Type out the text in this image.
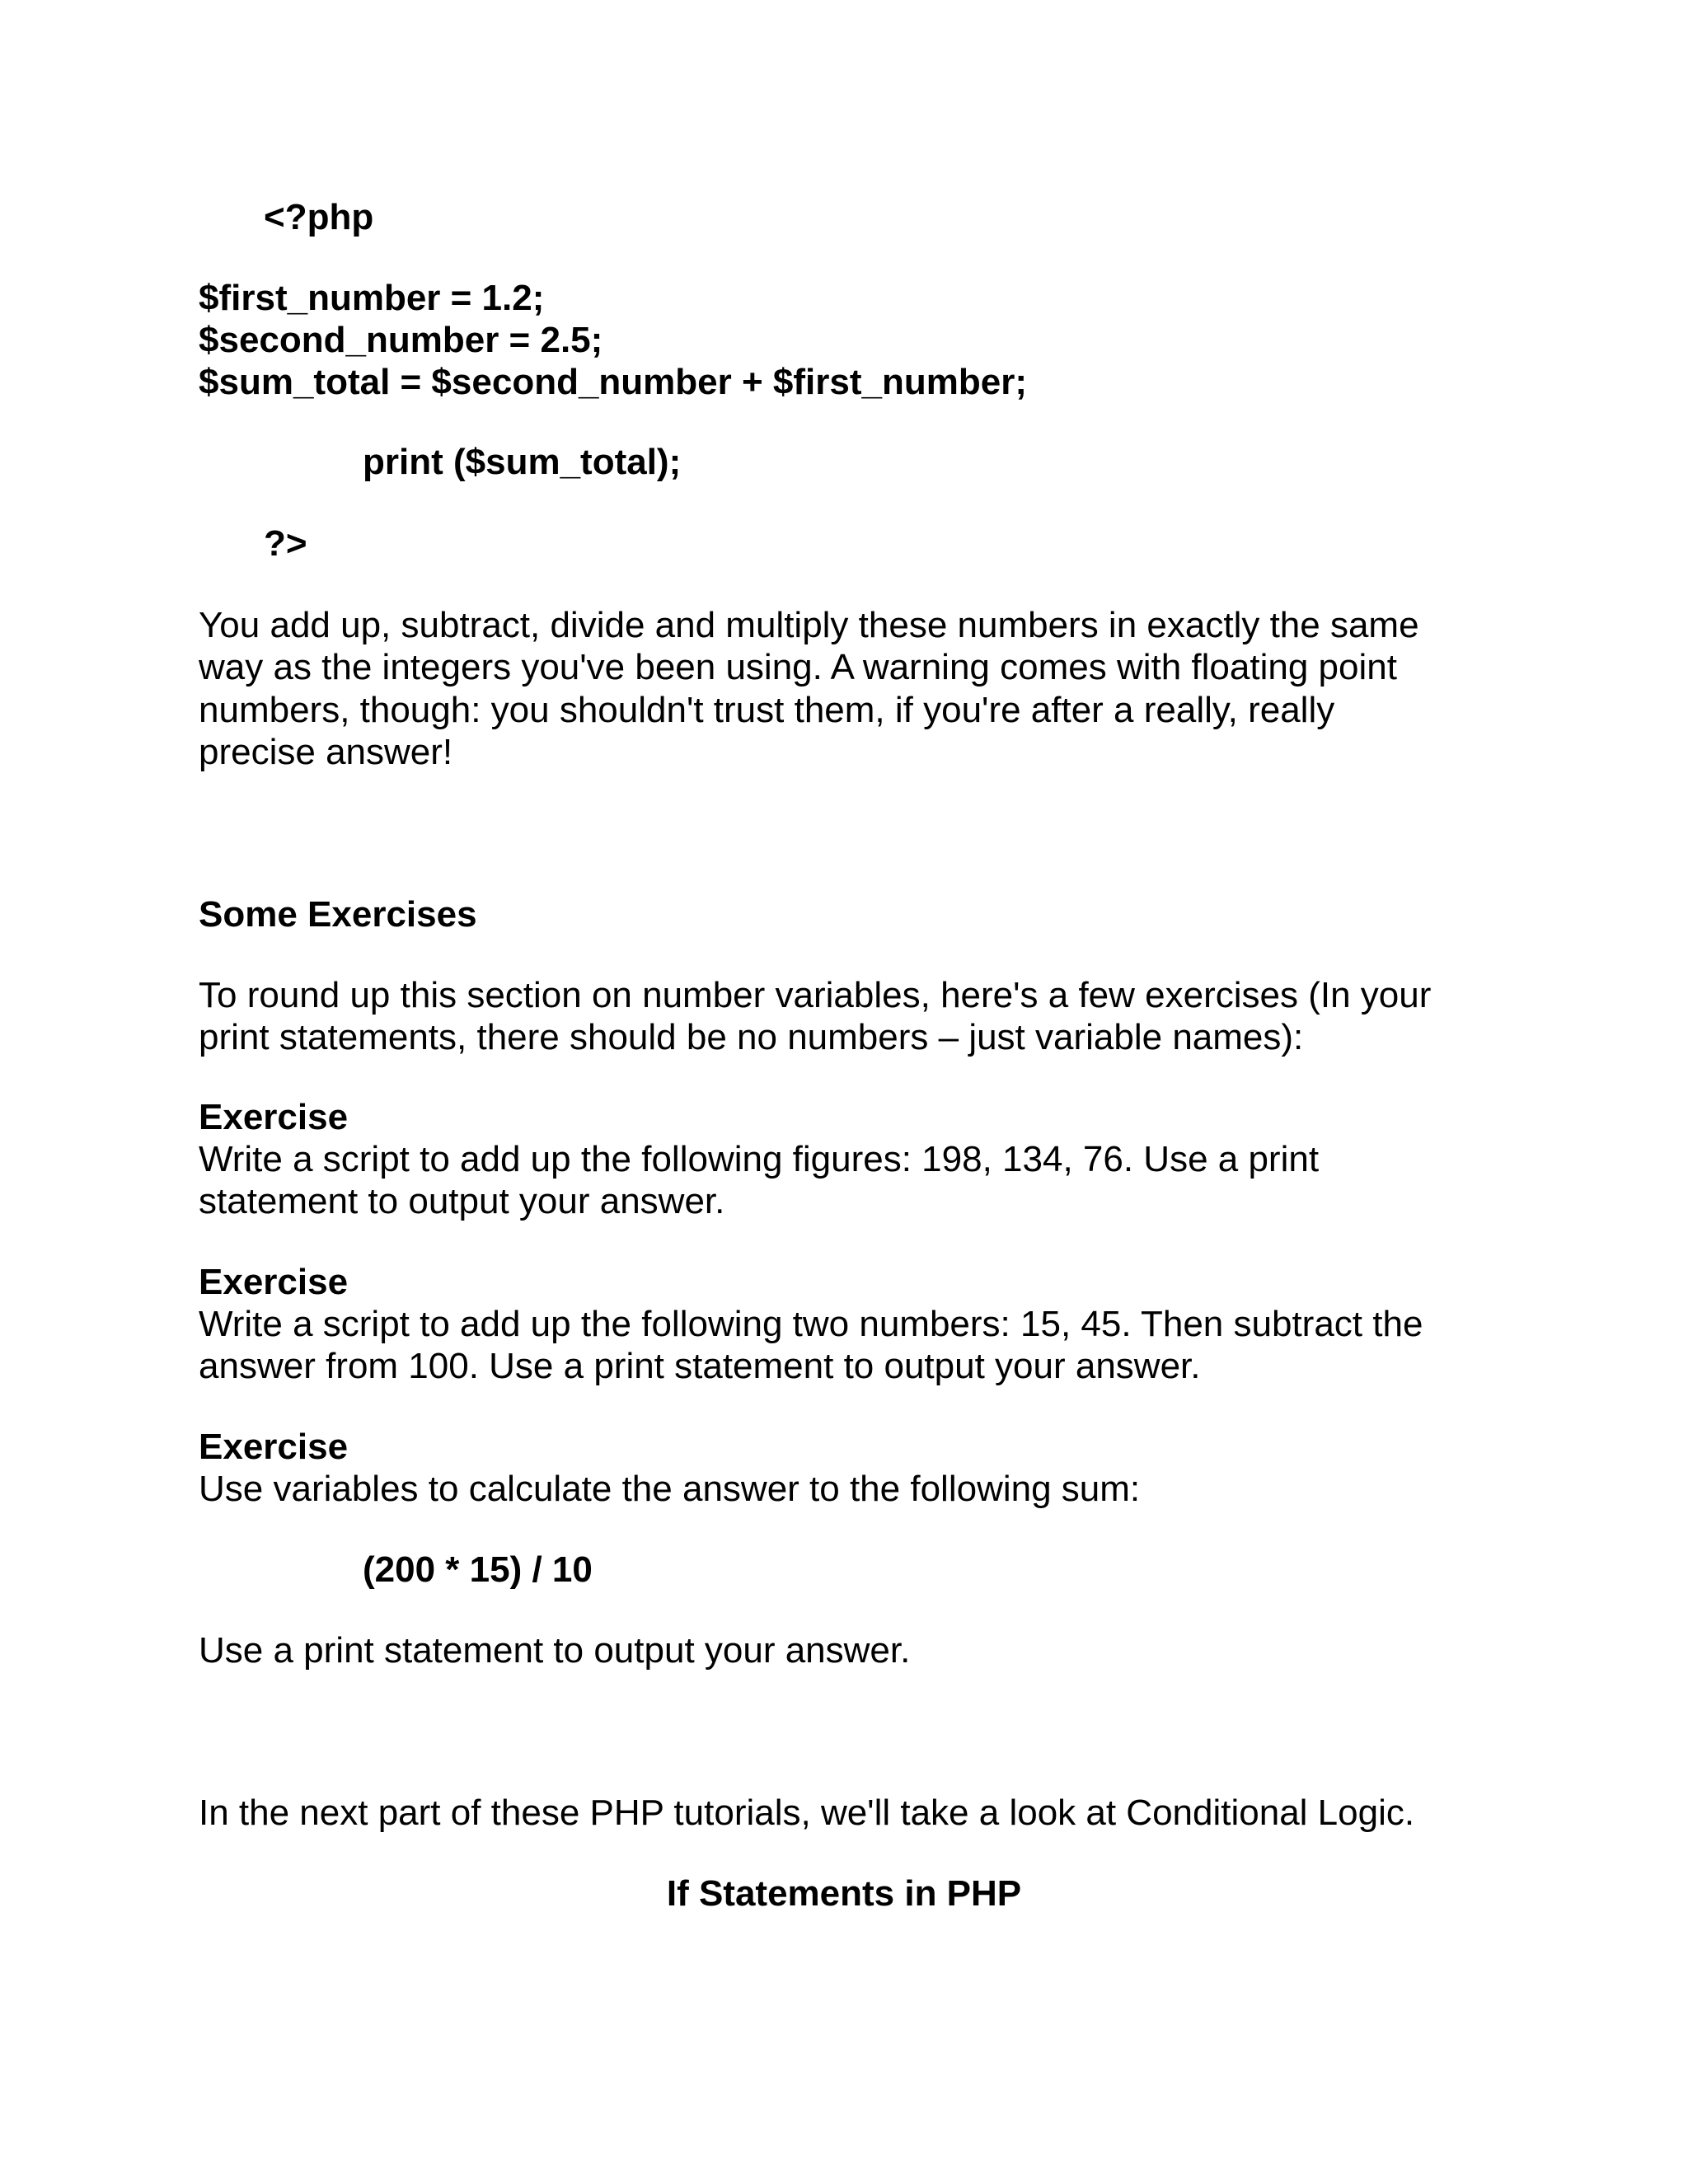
<?php
$first_number = 1.2;
$second_number = 2.5;
$sum_total = $second_number + $first_number;
print ($sum_total);
?>
You add up, subtract, divide and multiply these numbers in exactly the same
way as the integers you've been using. A warning comes with floating point
numbers, though: you shouldn't trust them, if you're after a really, really
precise answer!
Some Exercises
To round up this section on number variables, here's a few exercises (In your
print statements, there should be no numbers – just variable names):
Exercise
Write a script to add up the following figures: 198, 134, 76. Use a print
statement to output your answer.
Exercise
Write a script to add up the following two numbers: 15, 45. Then subtract the
answer from 100. Use a print statement to output your answer.
Exercise
Use variables to calculate the answer to the following sum:
(200 * 15) / 10
Use a print statement to output your answer.
In the next part of these PHP tutorials, we'll take a look at Conditional Logic.
If Statements in PHP
